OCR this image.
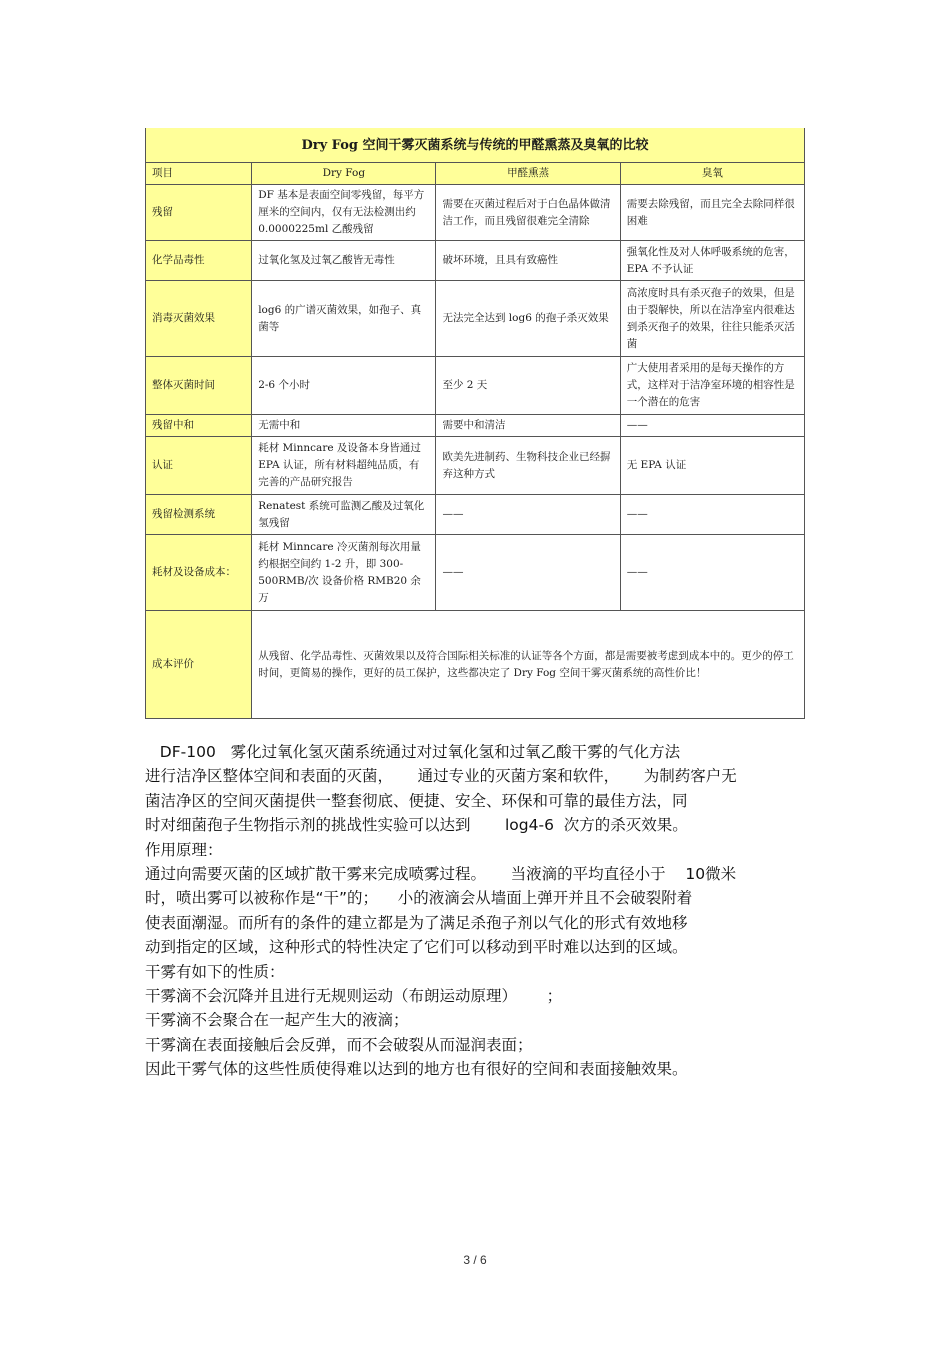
Dry Fog 空间干雾灭菌系统与传统的甲醛熏蒸及臭氧的比较			
项目	Dry Fog	甲醛熏蒸	臭氧
残留	DF 基本是表面空间零残留，每平方厘米的空间内，仅有无法检测出约 0.0000225ml 乙酸残留	需要在灭菌过程后对于白色晶体做清洁工作，而且残留很难完全清除	需要去除残留，而且完全去除同样很困难
化学品毒性	过氧化氢及过氧乙酸皆无毒性	破坏环境，且具有致癌性	强氧化性及对人体呼吸系统的危害，EPA 不予认证
消毒灭菌效果	log6 的广谱灭菌效果，如孢子、真菌等	无法完全达到 log6 的孢子杀灭效果	高浓度时具有杀灭孢子的效果，但是由于裂解快，所以在洁净室内很难达到杀灭孢子的效果，往往只能杀灭活菌
整体灭菌时间	2-6 个小时	至少 2 天	广大使用者采用的是每天操作的方式，这样对于洁净室环境的相容性是一个潜在的危害
残留中和	无需中和	需要中和清洁	——
认证	耗材 Minncare 及设备本身皆通过 EPA 认证，所有材料超纯品质，有完善的产品研究报告	欧美先进制药、生物科技企业已经摒弃这种方式	无 EPA 认证
残留检测系统	Renatest 系统可监测乙酸及过氧化氢残留	——	——
耗材及设备成本：	耗材 Minncare 冷灭菌剂每次用量约根据空间约 1-2 升，即 300-500RMB/次 设备价格 RMB20 余万	——	——
成本评价	从残留、化学品毒性、灭菌效果以及符合国际相关标准的认证等各个方面，都是需要被考虑到成本中的。更少的停工时间，更简易的操作，更好的员工保护，这些都决定了 Dry Fog 空间干雾灭菌系统的高性价比！		

DF-100   雾化过氧化氢灭菌系统通过对过氧化氢和过氧乙酸干雾的气化方法

进行洁净区整体空间和表面的灭菌，     通过专业的灭菌方案和软件，     为制药客户无

菌洁净区的空间灭菌提供一整套彻底、便捷、安全、环保和可靠的最佳方法，同

时对细菌孢子生物指示剂的挑战性实验可以达到       log4-6  次方的杀灭效果。

作用原理：

通过向需要灭菌的区域扩散干雾来完成喷雾过程。     当液滴的平均直径小于    10微米

时，喷出雾可以被称作是“干”的；    小的液滴会从墙面上弹开并且不会破裂附着

使表面潮湿。而所有的条件的建立都是为了满足杀孢子剂以气化的形式有效地移

动到指定的区域，这种形式的特性决定了它们可以移动到平时难以达到的区域。

干雾有如下的性质：

干雾滴不会沉降并且进行无规则运动（布朗运动原理）      ；

干雾滴不会聚合在一起产生大的液滴；

干雾滴在表面接触后会反弹，而不会破裂从而湿润表面；

因此干雾气体的这些性质使得难以达到的地方也有很好的空间和表面接触效果。

3 / 6
